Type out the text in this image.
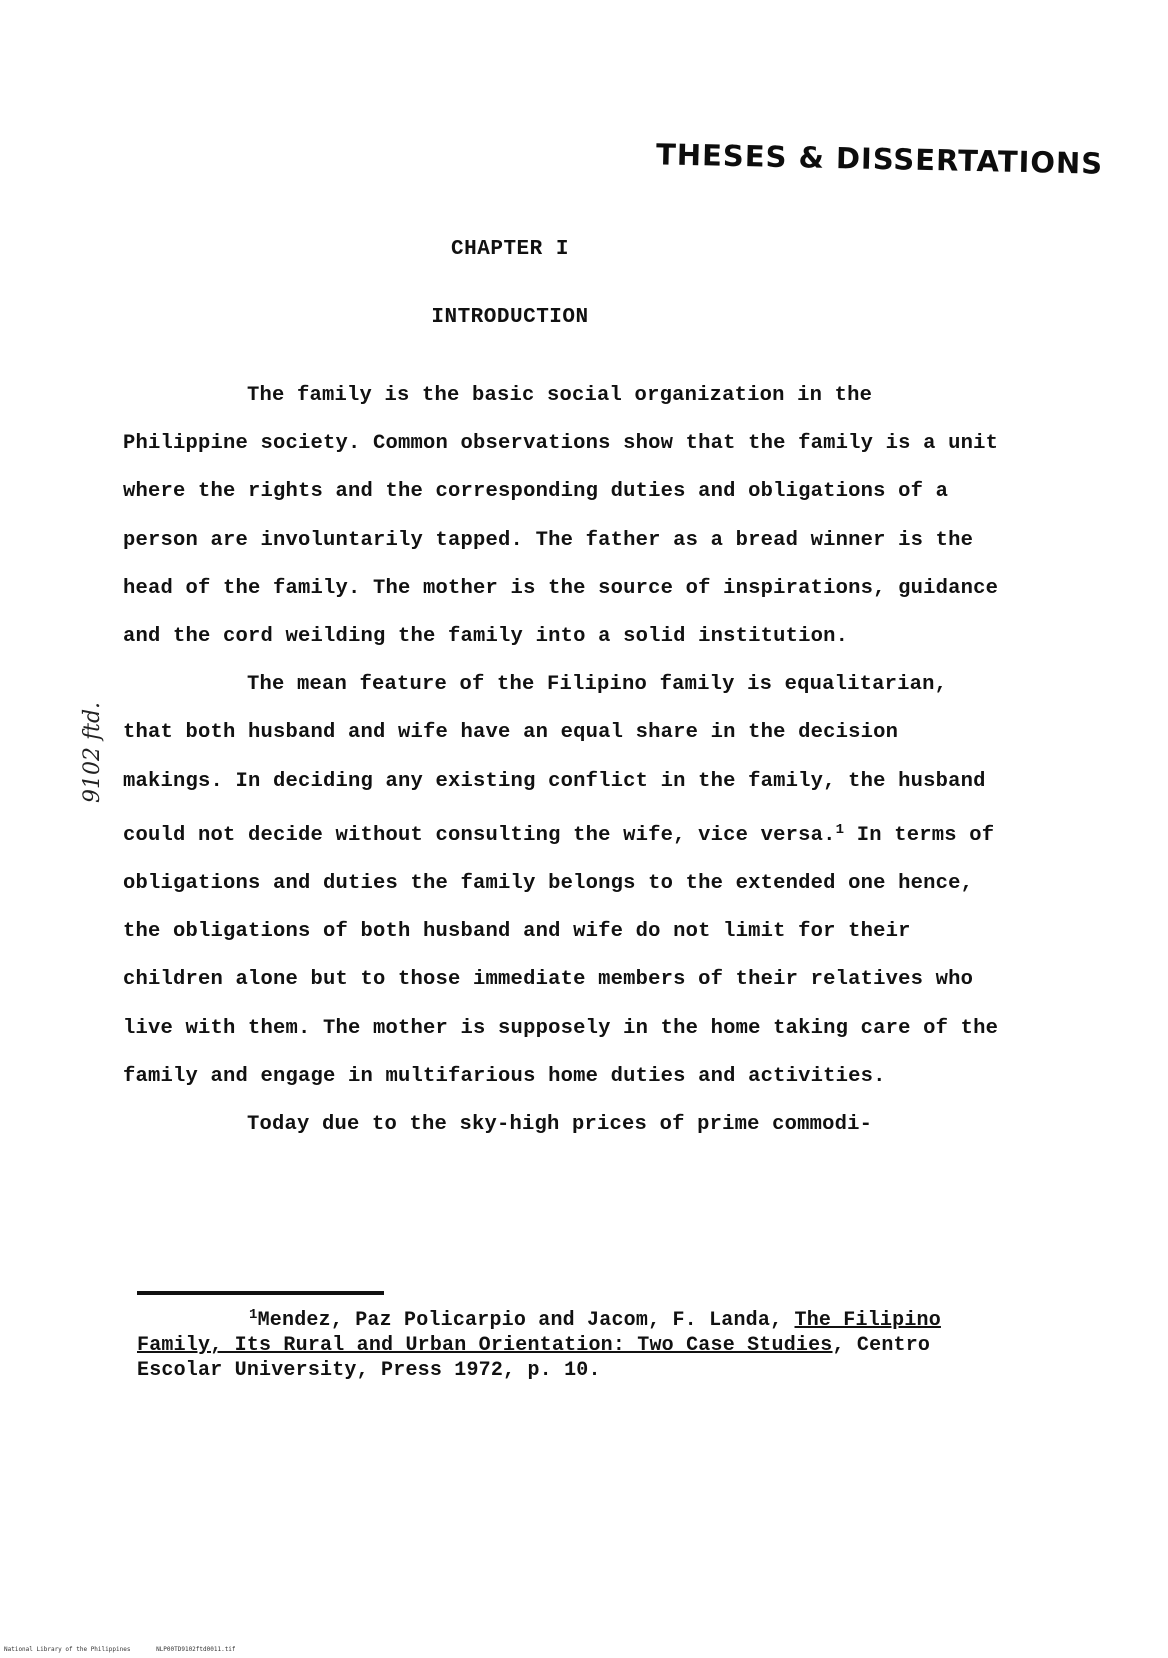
THESES & DISSERTATIONS
CHAPTER I
INTRODUCTION
9102 ftd.

The family is the basic social organization in the Philippine society. Common observations show that the family is a unit where the rights and the corresponding duties and obligations of a person are involuntarily tapped. The father as a bread winner is the head of the family. The mother is the source of inspirations, guidance and the cord weilding the family into a solid institution.

The mean feature of the Filipino family is equalitarian, that both husband and wife have an equal share in the decision makings. In deciding any existing conflict in the family, the husband could not decide without consulting the wife, vice versa.$^1$ In terms of obligations and duties the family belongs to the extended one hence, the obligations of both husband and wife do not limit for their children alone but to those immediate members of their relatives who live with them. The mother is supposely in the home taking care of the family and engage in multifarious home duties and activities.

Today due to the sky-high prices of prime commodi-

$^1$Mendez, Paz Policarpio and Jacom, F. Landa, The Filipino Family, Its Rural and Urban Orientation: Two Case Studies, Centro Escolar University, Press 1972, p. 10.
National Library of the Philippines	NLP00TD9102ftd0011.tif
